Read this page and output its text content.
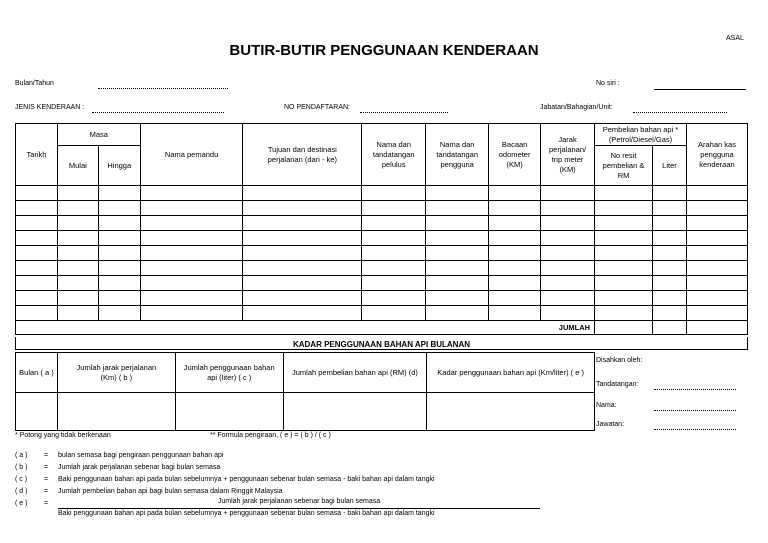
ASAL
BUTIR-BUTIR PENGGUNAAN KENDERAAN
Bulan/Tahun	No siri :
JENIS KENDERAAN :	NO PENDAFTARAN:	Jabatan/Bahagian/Unit:
Tarikh	Masa		Nama pemandu	Tujuan dan destinasi perjalanan (dari - ke)	Nama dan tandatangan pelulus	Nama dan tandatangan pengguna	Bacaan odometer (KM)	Jarak perjalanan/ trip meter (KM)	Pembelian bahan api *(Petrol/Diesel/Gas)		Arahan kas pengguna kenderaan
	Mulai	Hingga							No resit pembelian & RM	Liter	

JUMLAH											
KADAR PENGGUNAAN BAHAN API BULANAN
Bulan ( a )	Jumlah jarak perjalanan (Km) ( b )	Jumlah penggunaan bahan api (liter) ( c )	Jumlah pembelian bahan api (RM) (d)	Kadar penggunaan bahan api (Km/liter) ( e )

Disahkan oleh:
Tandatangan:
Nama:
Jawatan:
* Potong yang tidak berkenaan	** Formula pengiraan, ( e ) = ( b ) / ( c )
( a ) = bulan semasa bagi pengiraan penggunaan bahan api
( b ) = Jumlah jarak perjalanan sebenar bagi bulan semasa
( c ) = Baki penggunaan bahan api pada bulan sebelumnya + penggunaan sebenar bulan semasa - baki bahan api dalam tangki
( d ) = Jumlah pembelian bahan api bagi bulan semasa dalam Ringgit Malaysia
( e ) =	Jumlah jarak perjalanan sebenar bagi bulan semasa
Baki penggunaan bahan api pada bulan sebelumnya + penggunaan sebenar bulan semasa - baki bahan api dalam tangki
